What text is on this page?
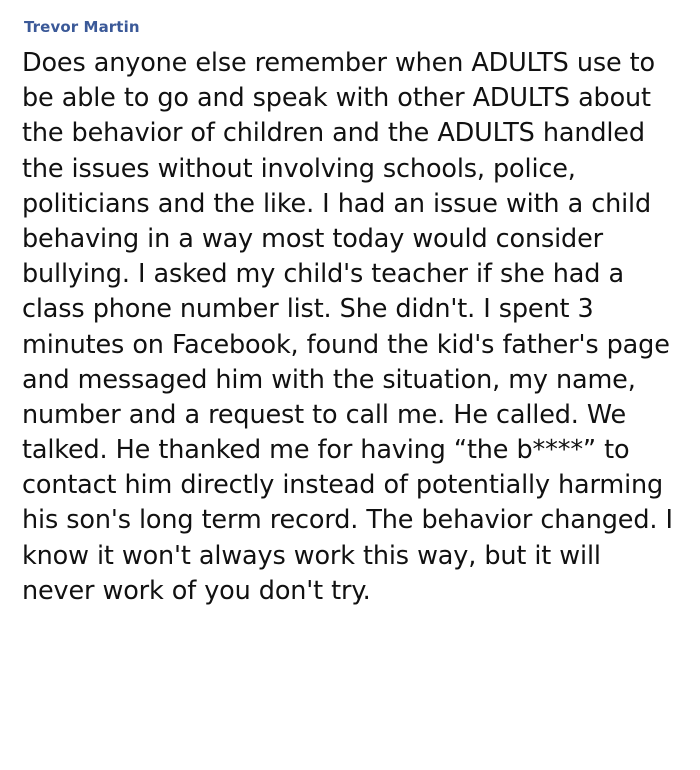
Trevor Martin
Does anyone else remember when ADULTS use to be able to go and speak with other ADULTS about the behavior of children and the ADULTS handled the issues without involving schools, police, politicians and the like. I had an issue with a child behaving in a way most today would consider bullying. I asked my child's teacher if she had a class phone number list. She didn't. I spent 3 minutes on Facebook, found the kid's father's page and messaged him with the situation, my name, number and a request to call me. He called. We talked. He thanked me for having “the b****” to contact him directly instead of potentially harming his son's long term record. The behavior changed. I know it won't always work this way, but it will never work of you don't try.
